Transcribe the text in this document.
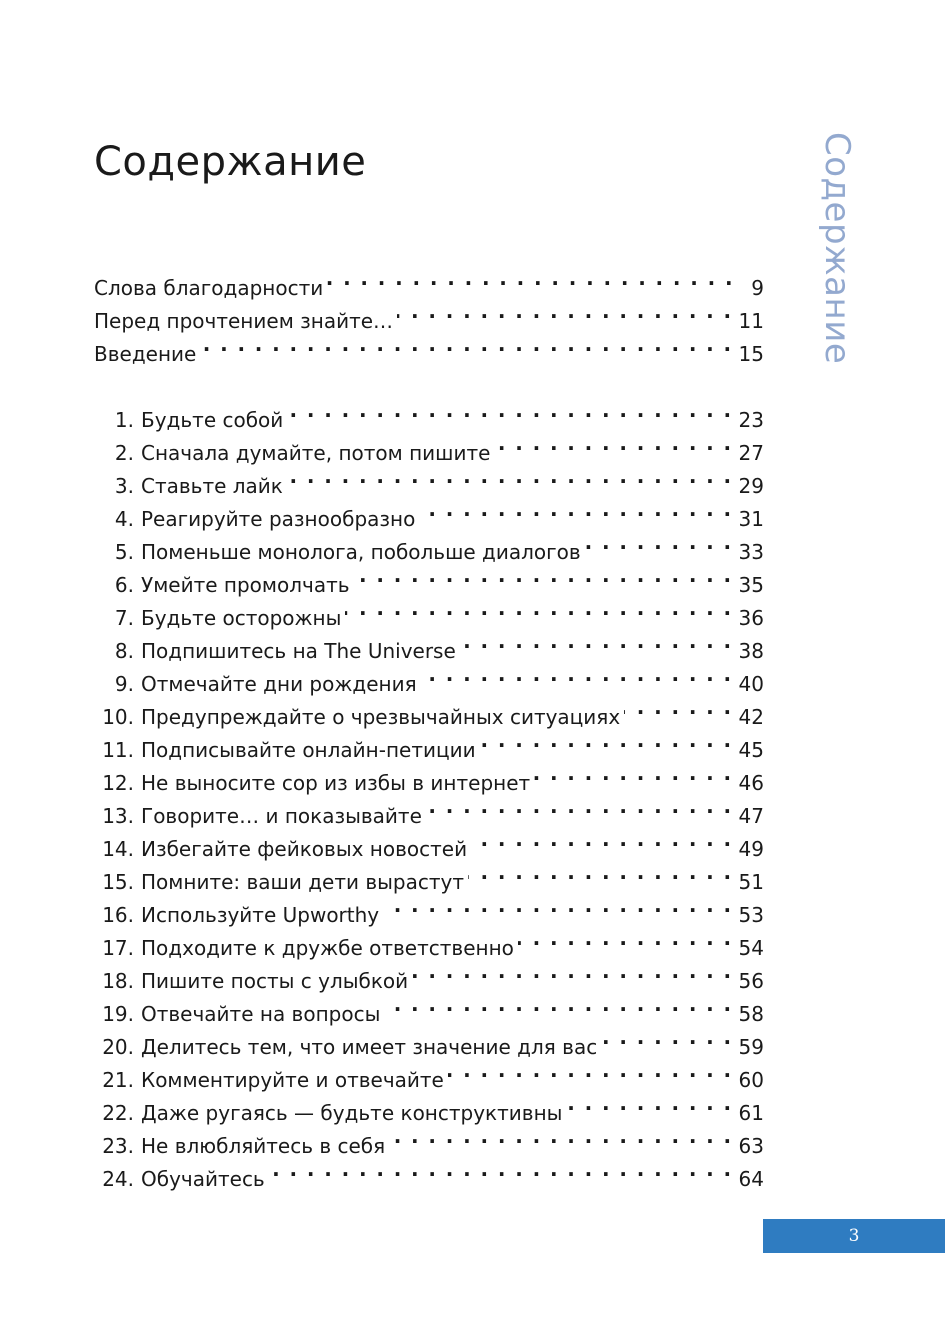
Содержание	Содержание
Слова благодарности . . .	9
Перед прочтением знайте… . . .	11
Введение . . .	15
1. Будьте собой . . .	23
2. Сначала думайте, потом пишите . . .	27
3. Ставьте лайк . . .	29
4. Реагируйте разнообразно . . .	31
5. Поменьше монолога, побольше диалогов . . .	33
6. Умейте промолчать . . .	35
7. Будьте осторожны . . .	36
8. Подпишитесь на The Universe . . .	38
9. Отмечайте дни рождения . . .	40
10. Предупреждайте о чрезвычайных ситуациях . . .	42
11. Подписывайте онлайн-петиции . . .	45
12. Не выносите сор из избы в интернет . . .	46
13. Говорите… и показывайте . . .	47
14. Избегайте фейковых новостей . . .	49
15. Помните: ваши дети вырастут . . .	51
16. Используйте Upworthy . . .	53
17. Подходите к дружбе ответственно . . .	54
18. Пишите посты с улыбкой . . .	56
19. Отвечайте на вопросы . . .	58
20. Делитесь тем, что имеет значение для вас . . .	59
21. Комментируйте и отвечайте . . .	60
22. Даже ругаясь — будьте конструктивны . . .	61
23. Не влюбляйтесь в себя . . .	63
24. Обучайтесь . . .	64
3
